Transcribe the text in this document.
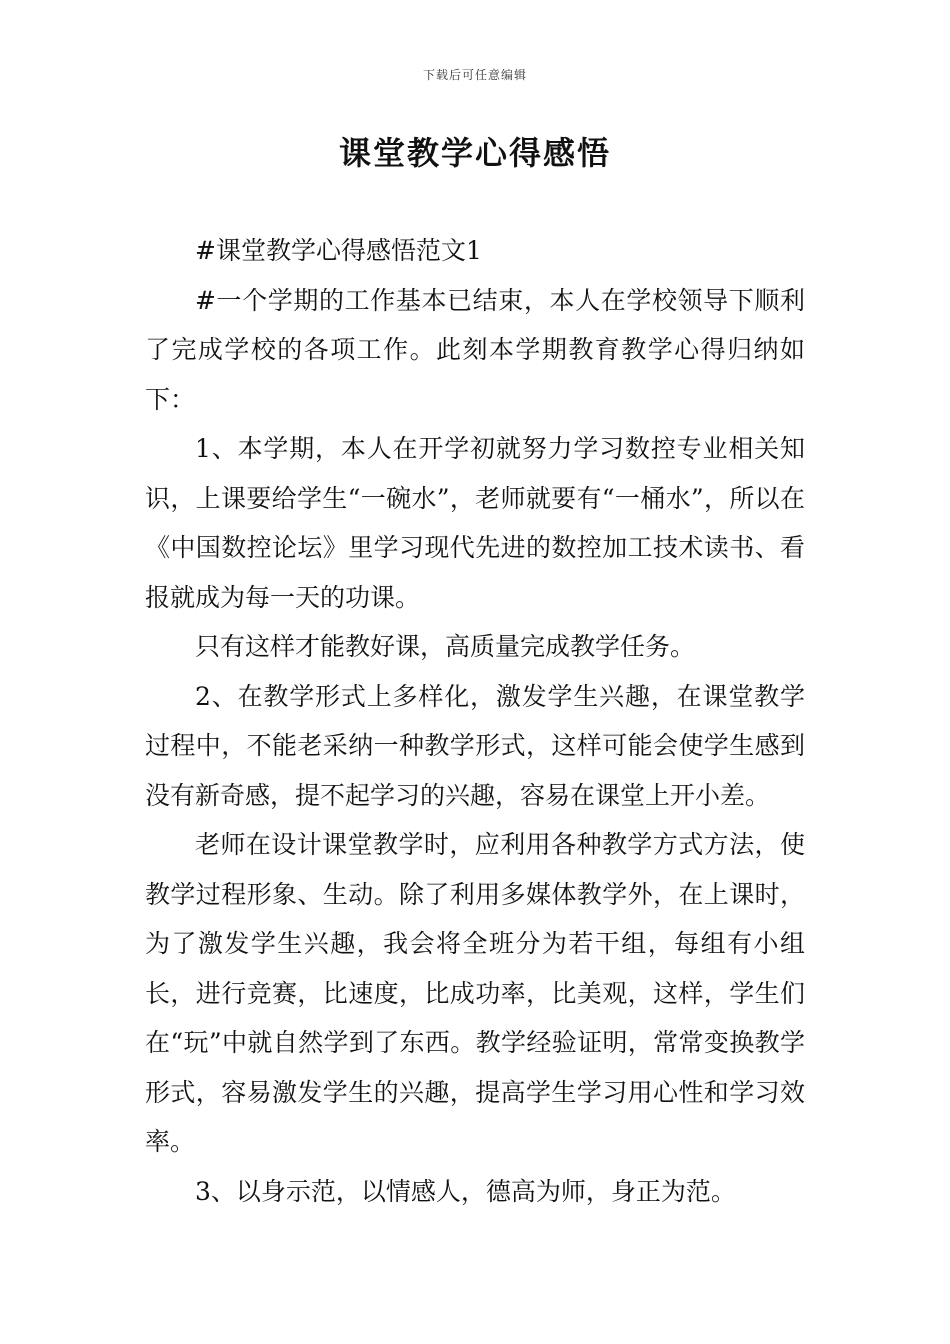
下载后可任意编辑
课堂教学心得感悟

#课堂教学心得感悟范文1

#一个学期的工作基本已结束，本人在学校领导下顺利了完成学校的各项工作。此刻本学期教育教学心得归纳如下：

1、本学期，本人在开学初就努力学习数控专业相关知识，上课要给学生“一碗水”，老师就要有“一桶水”，所以在《中国数控论坛》里学习现代先进的数控加工技术读书、看报就成为每一天的功课。

只有这样才能教好课，高质量完成教学任务。

2、在教学形式上多样化，激发学生兴趣，在课堂教学过程中，不能老采纳一种教学形式，这样可能会使学生感到没有新奇感，提不起学习的兴趣，容易在课堂上开小差。

老师在设计课堂教学时，应利用各种教学方式方法，使教学过程形象、生动。除了利用多媒体教学外，在上课时，为了激发学生兴趣，我会将全班分为若干组，每组有小组长，进行竞赛，比速度，比成功率，比美观，这样，学生们在“玩”中就自然学到了东西。教学经验证明，常常变换教学形式，容易激发学生的兴趣，提高学生学习用心性和学习效率。

3、以身示范，以情感人，德高为师，身正为范。
